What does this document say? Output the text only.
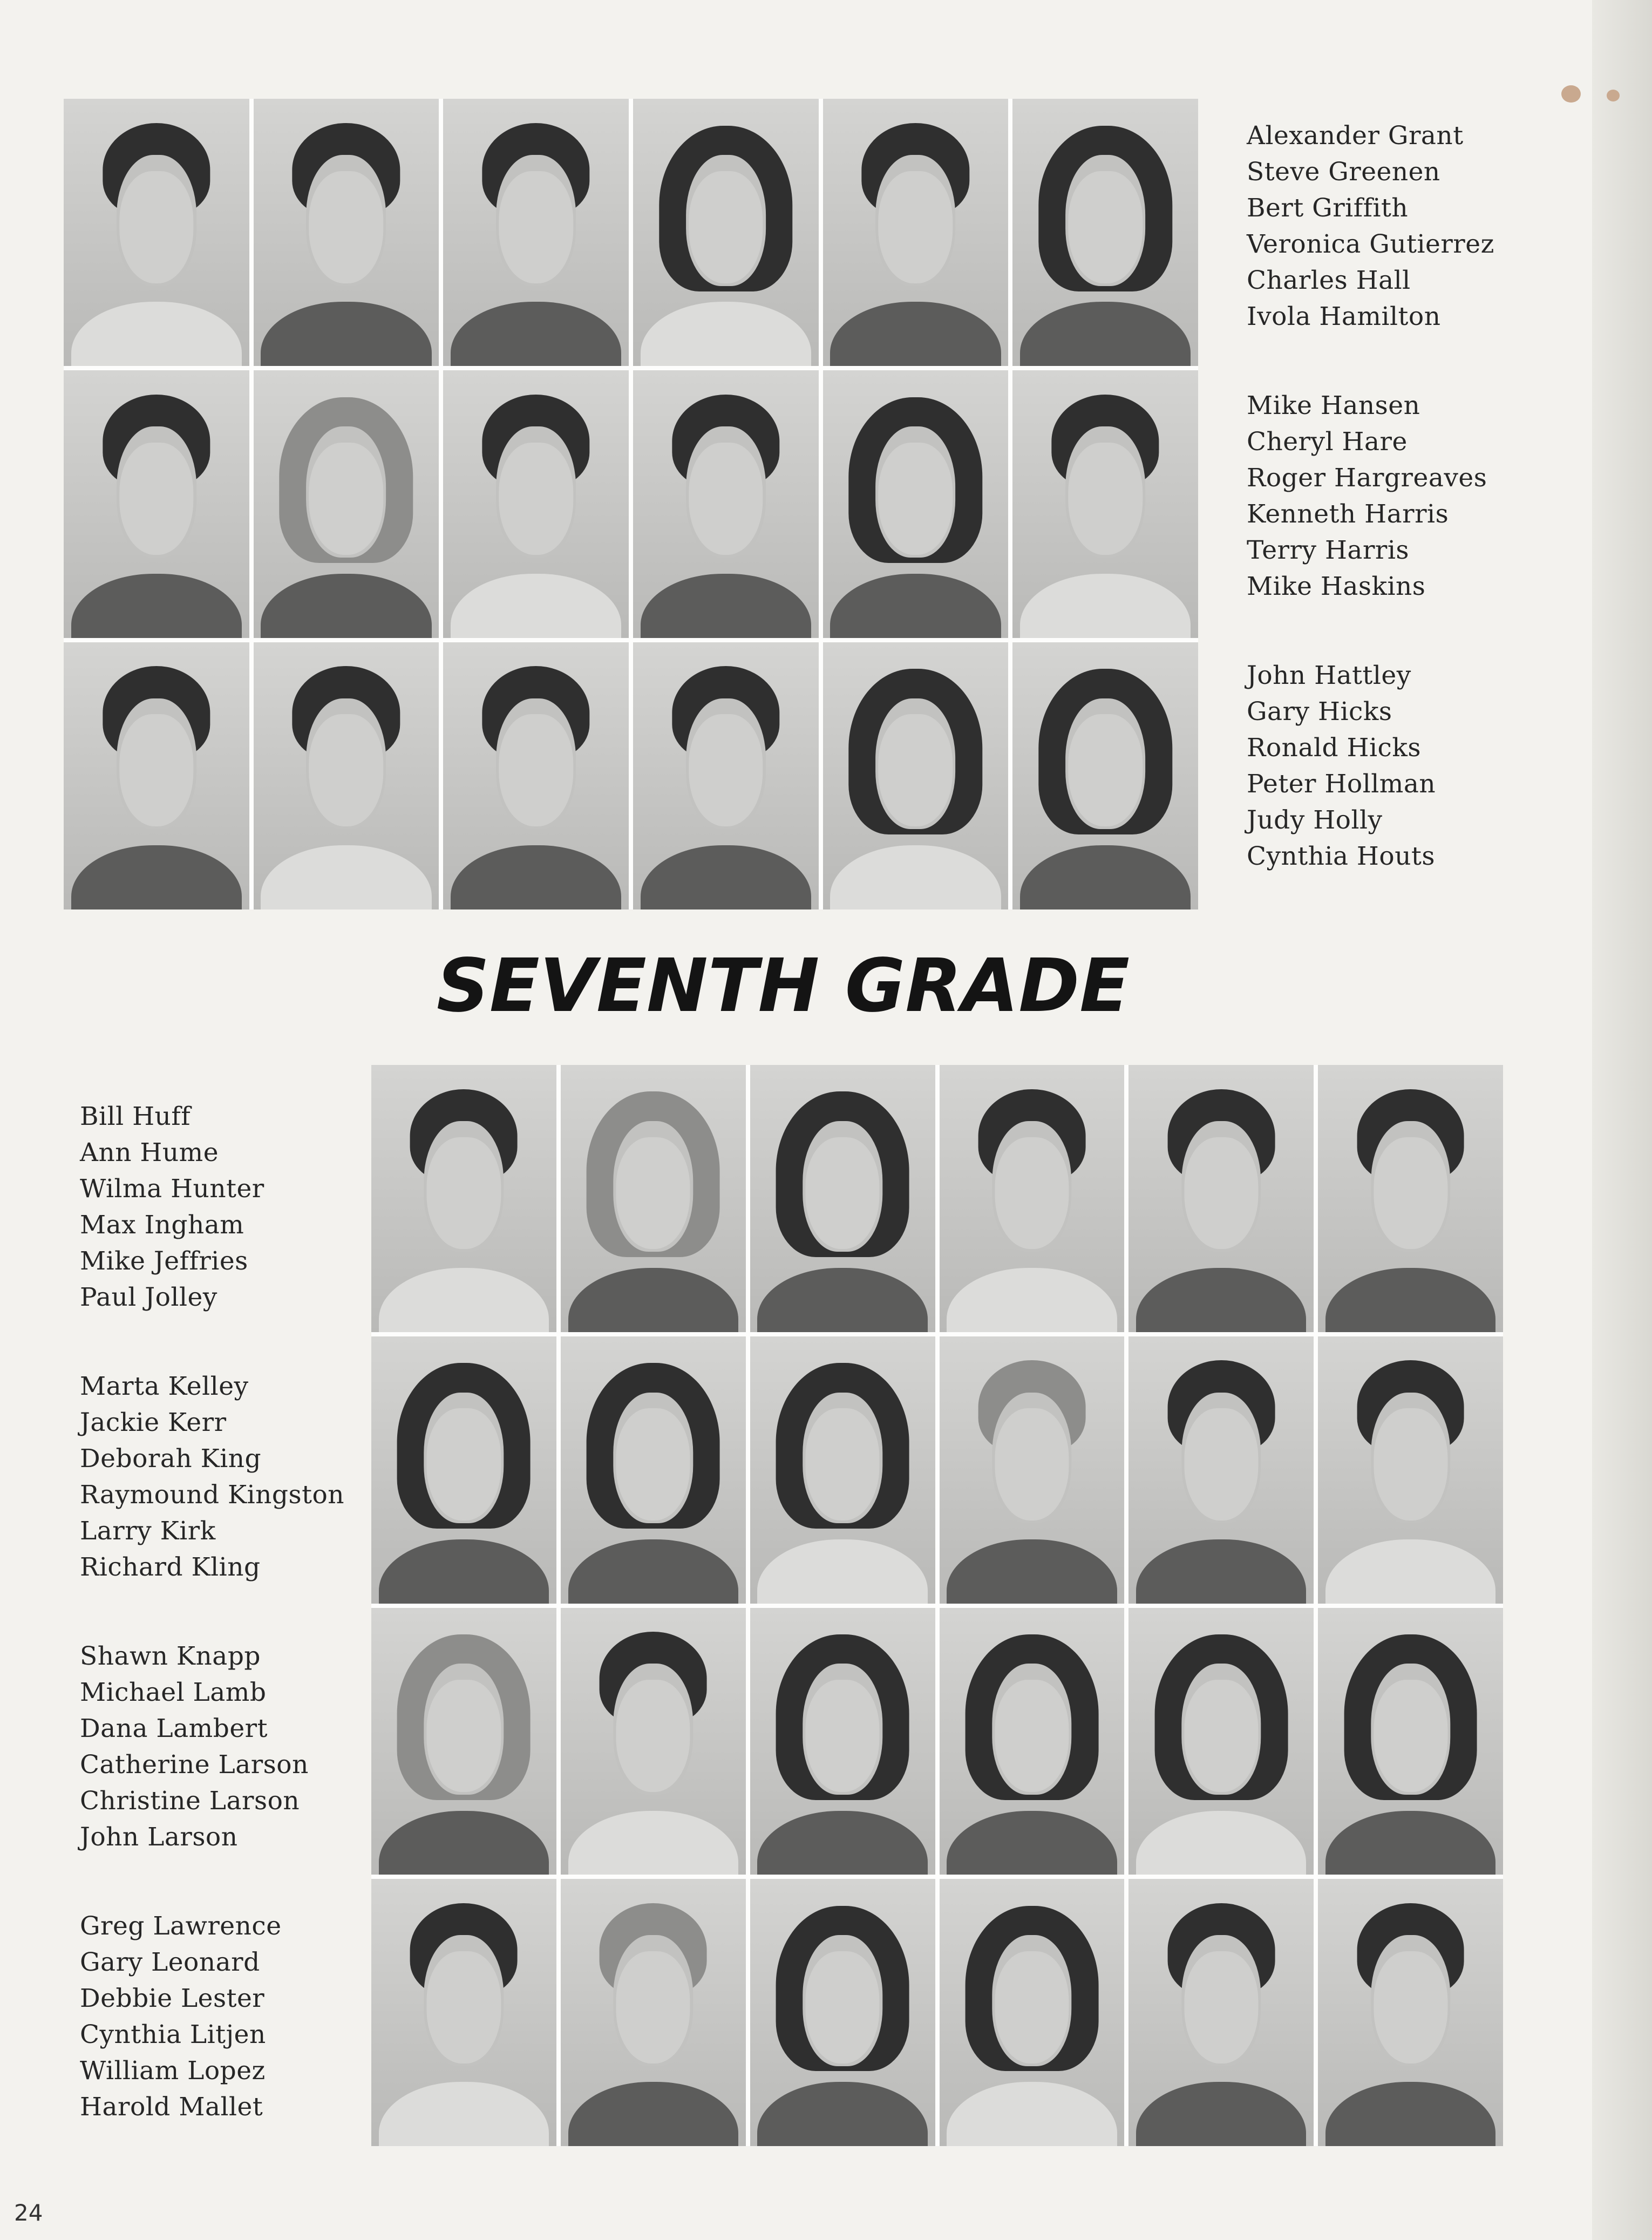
Alexander Grant
Steve Greenen
Bert Griffith
Veronica Gutierrez
Charles Hall
Ivola Hamilton
Mike Hansen
Cheryl Hare
Roger Hargreaves
Kenneth Harris
Terry Harris
Mike Haskins
John Hattley
Gary Hicks
Ronald Hicks
Peter Hollman
Judy Holly
Cynthia Houts
SEVENTH GRADE
Bill Huff
Ann Hume
Wilma Hunter
Max Ingham
Mike Jeffries
Paul Jolley
Marta Kelley
Jackie Kerr
Deborah King
Raymound Kingston
Larry Kirk
Richard Kling
Shawn Knapp
Michael Lamb
Dana Lambert
Catherine Larson
Christine Larson
John Larson
Greg Lawrence
Gary Leonard
Debbie Lester
Cynthia Litjen
William Lopez
Harold Mallet
24
